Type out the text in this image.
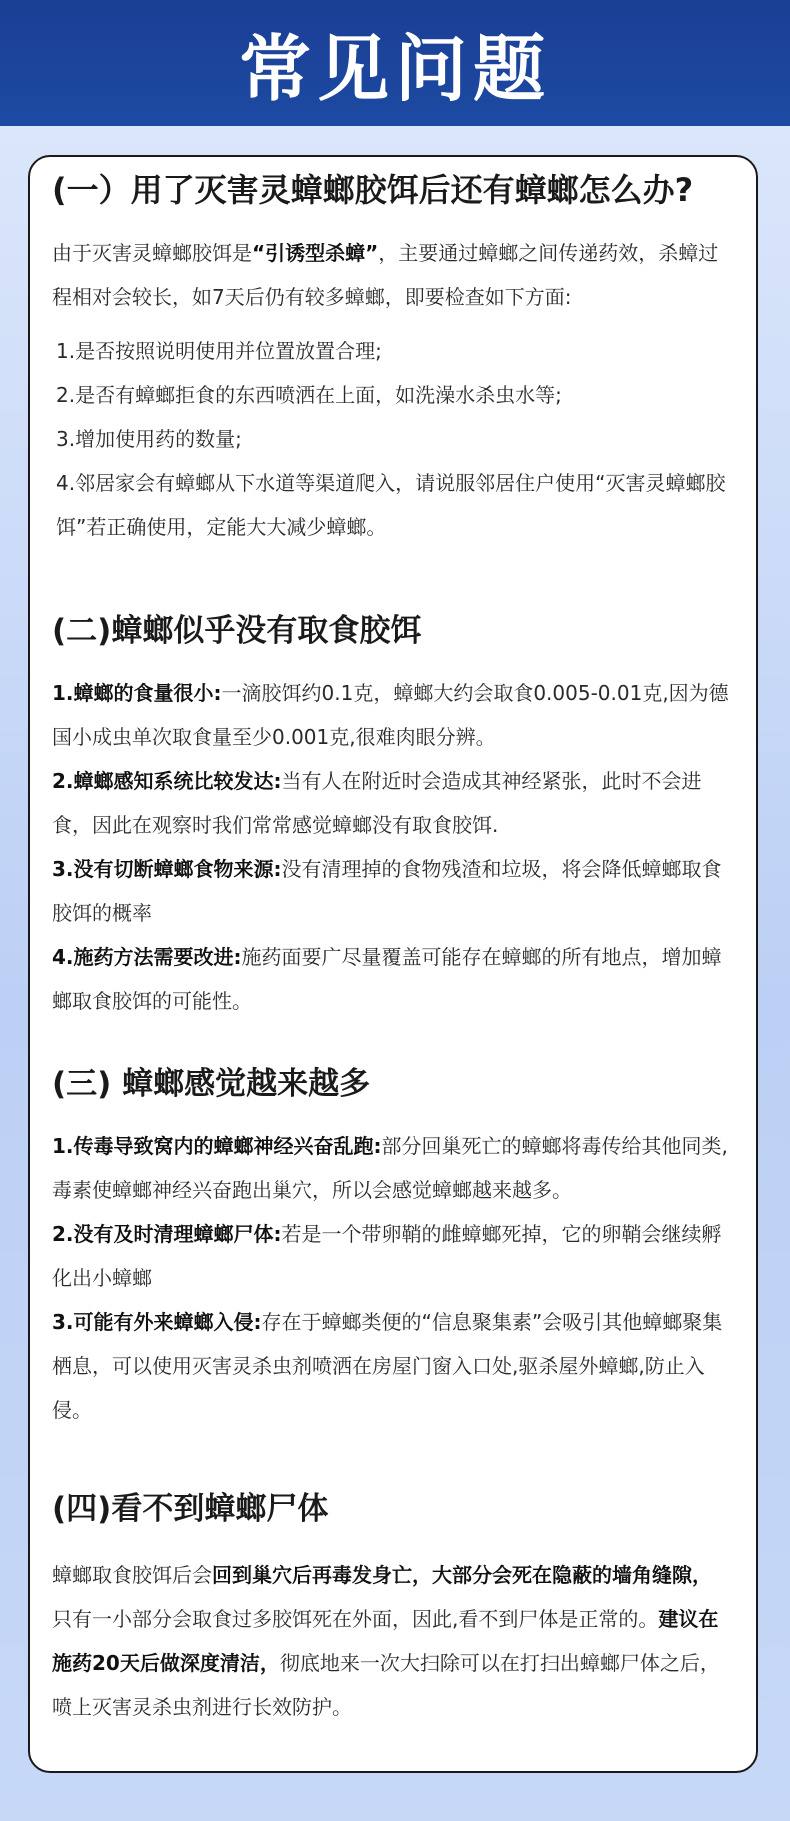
常见问题
(一）用了灭害灵蟑螂胶饵后还有蟑螂怎么办?

由于灭害灵蟑螂胶饵是“引诱型杀蟑”，主要通过蟑螂之间传递药效，杀蟑过程相对会较长，如7天后仍有较多蟑螂，即要检查如下方面:

1.是否按照说明使用并位置放置合理;

2.是否有蟑螂拒食的东西喷洒在上面，如洗澡水杀虫水等;

3.增加使用药的数量;

4.邻居家会有蟑螂从下水道等渠道爬入，请说服邻居住户使用“灭害灵蟑螂胶饵”若正确使用，定能大大减少蟑螂。

(二)蟑螂似乎没有取食胶饵

1.蟑螂的食量很小:一滴胶饵约0.1克，蟑螂大约会取食0.005-0.01克,因为德国小成虫单次取食量至少0.001克,很难肉眼分辨。

2.蟑螂感知系统比较发达:当有人在附近时会造成其神经紧张，此时不会进食，因此在观察时我们常常感觉蟑螂没有取食胶饵.

3.没有切断蟑螂食物来源:没有清理掉的食物残渣和垃圾，将会降低蟑螂取食胶饵的概率

4.施药方法需要改进:施药面要广尽量覆盖可能存在蟑螂的所有地点，增加蟑螂取食胶饵的可能性。

(三) 蟑螂感觉越来越多

1.传毒导致窝内的蟑螂神经兴奋乱跑:部分回巢死亡的蟑螂将毒传给其他同类,毒素使蟑螂神经兴奋跑出巢穴，所以会感觉蟑螂越来越多。

2.没有及时清理蟑螂尸体:若是一个带卵鞘的雌蟑螂死掉，它的卵鞘会继续孵化出小蟑螂

3.可能有外来蟑螂入侵:存在于蟑螂类便的“信息聚集素”会吸引其他蟑螂聚集栖息，可以使用灭害灵杀虫剂喷洒在房屋门窗入口处,驱杀屋外蟑螂,防止入侵。

(四)看不到蟑螂尸体

蟑螂取食胶饵后会回到巢穴后再毒发身亡，大部分会死在隐蔽的墙角缝隙，只有一小部分会取食过多胶饵死在外面，因此,看不到尸体是正常的。建议在施药20天后做深度清洁，彻底地来一次大扫除可以在打扫出蟑螂尸体之后，喷上灭害灵杀虫剂进行长效防护。
